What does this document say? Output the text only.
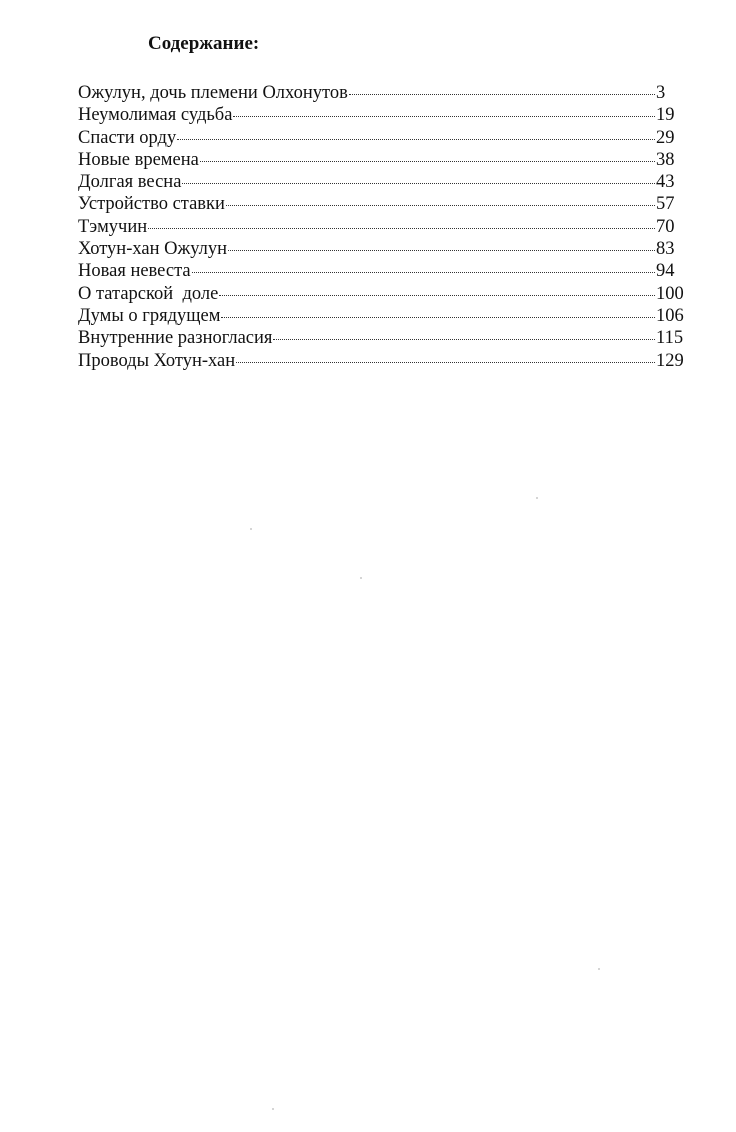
Содержание:
Ожулун, дочь племени Олхонутов	3
Неумолимая судьба	19
Спасти орду	29
Новые времена	38
Долгая весна	43
Устройство ставки	57
Тэмучин	70
Хотун-хан Ожулун	83
Новая невеста	94
О татарской  доле	100
Думы о грядущем	106
Внутренние разногласия	115
Проводы Хотун-хан	129
